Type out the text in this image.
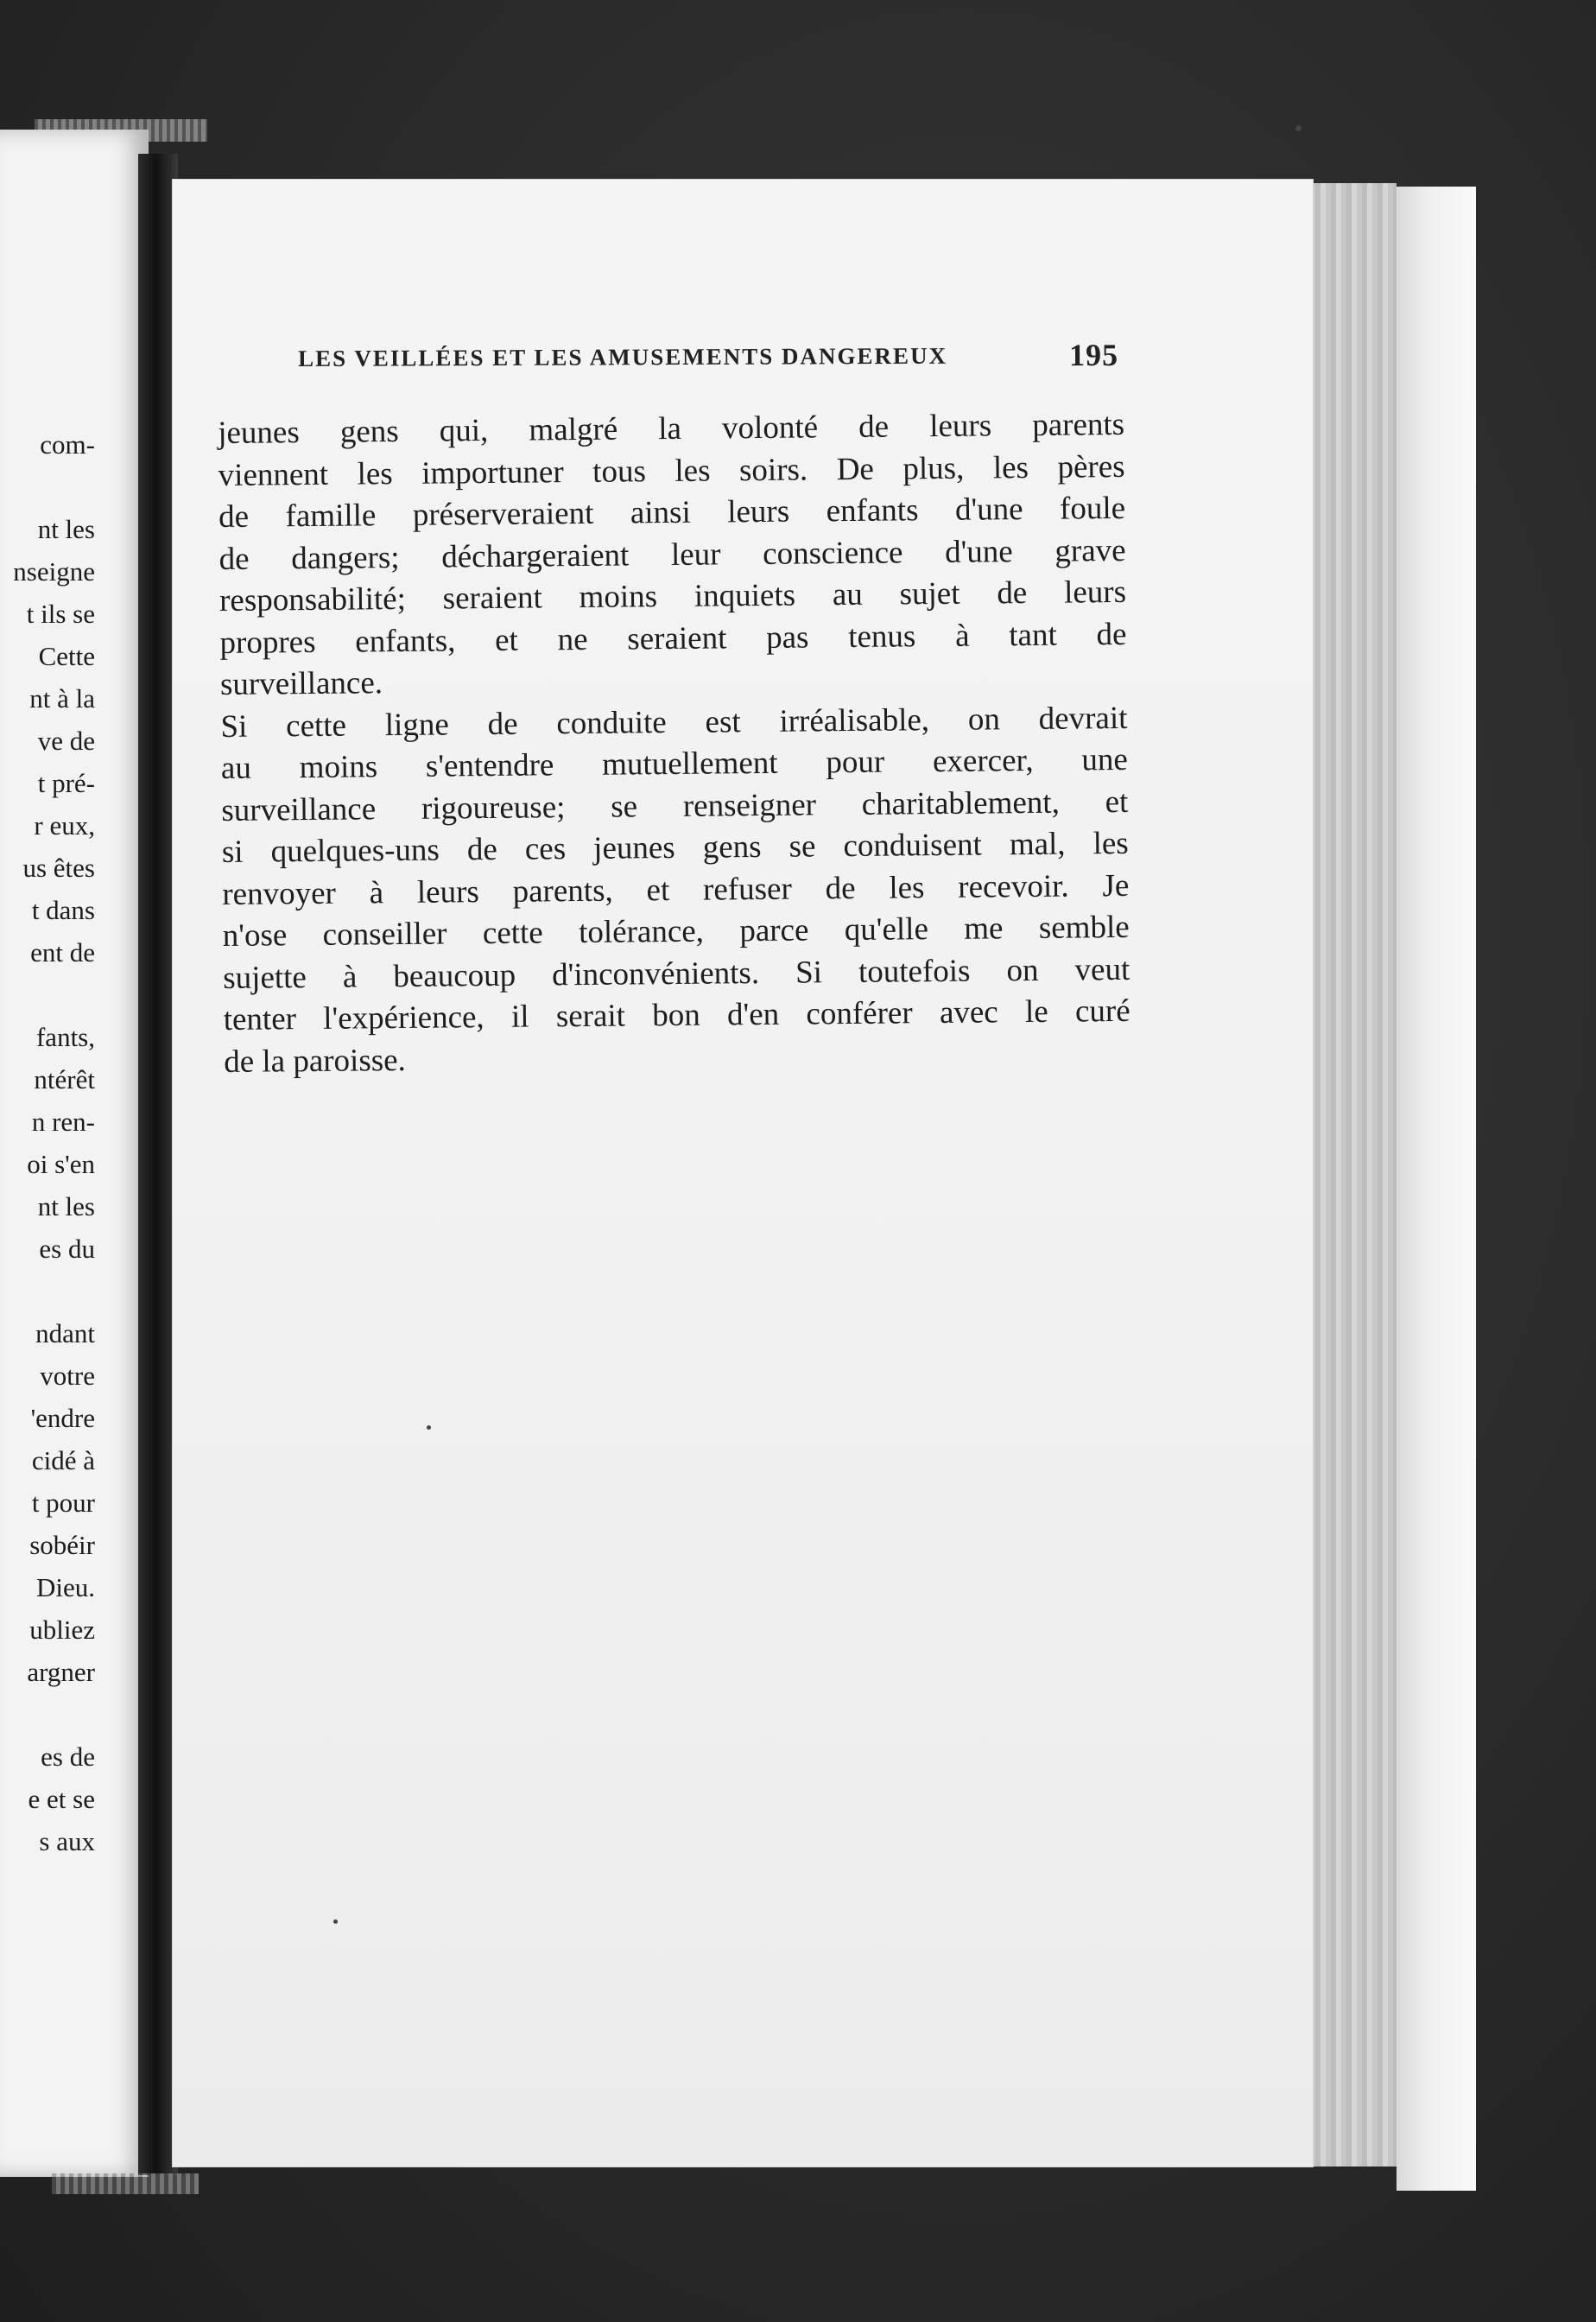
com-
nt les
nseigne
t ils se
Cette
nt à la
ve de
t pré-
r eux,
us êtes
t dans
ent de
fants,
ntérêt
n ren-
oi s'en
nt les
es du
ndant
votre
'endre
cidé à
t pour
sobéir
Dieu.
ubliez
argner
es de
e et se
s aux
LES VEILLÉES ET LES AMUSEMENTS DANGEREUX	195
jeunes gens qui, malgré la volonté de leurs parents
viennent les importuner tous les soirs. De plus, les pères
de famille préserveraient ainsi leurs enfants d'une foule
de dangers; déchargeraient leur conscience d'une grave
responsabilité; seraient moins inquiets au sujet de leurs
propres enfants, et ne seraient pas tenus à tant de
surveillance.
Si cette ligne de conduite est irréalisable, on devrait
au moins s'entendre mutuellement pour exercer, une
surveillance rigoureuse; se renseigner charitablement, et
si quelques-uns de ces jeunes gens se conduisent mal, les
renvoyer à leurs parents, et refuser de les recevoir. Je
n'ose conseiller cette tolérance, parce qu'elle me semble
sujette à beaucoup d'inconvénients. Si toutefois on veut
tenter l'expérience, il serait bon d'en conférer avec le curé
de la paroisse.
